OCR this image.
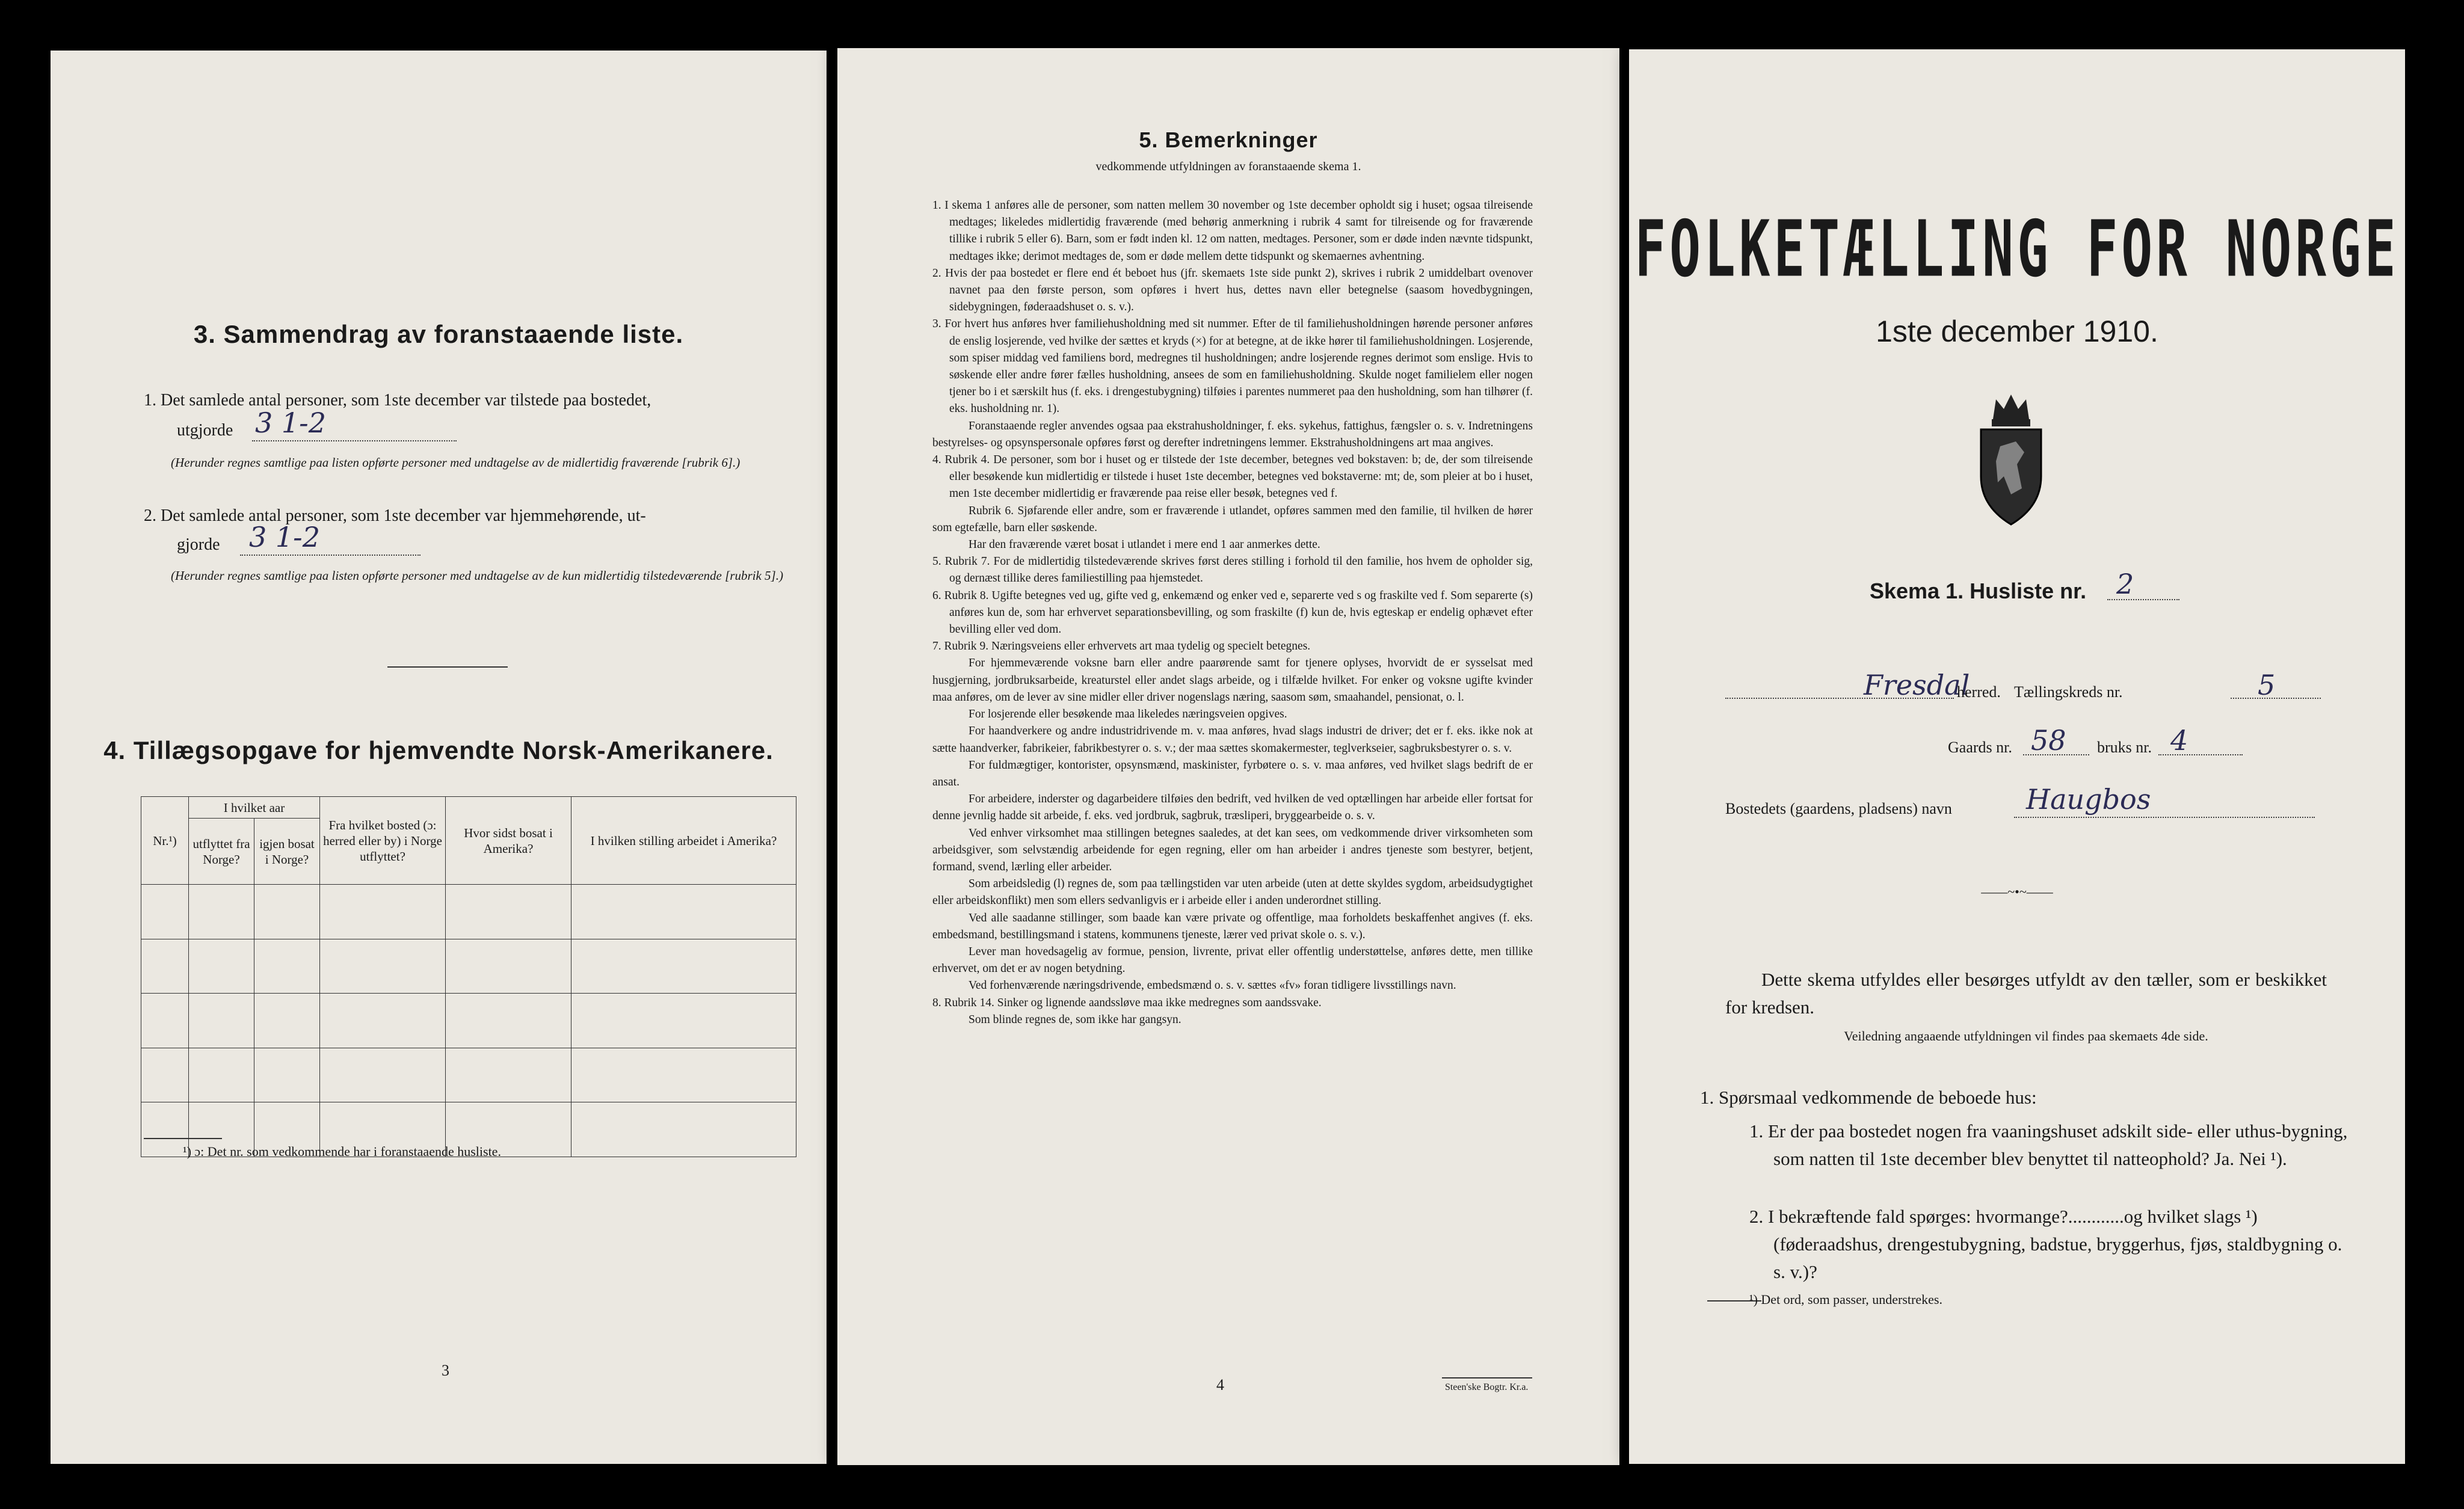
3. Sammendrag av foranstaaende liste.
1. Det samlede antal personer, som 1ste december var tilstede paa bostedet,
utgjorde 3 1-2
(Herunder regnes samtlige paa listen opførte personer med undtagelse av de midlertidig fraværende [rubrik 6].)
2. Det samlede antal personer, som 1ste december var hjemmehørende, ut-
gjorde 3 1-2
(Herunder regnes samtlige paa listen opførte personer med undtagelse av de kun midlertidig tilstedeværende [rubrik 5].)
4. Tillægsopgave for hjemvendte Norsk-Amerikanere.
Nr.¹)	I hvilket aar		Fra hvilket bosted (ɔ: herred eller by) i Norge utflyttet?	Hvor sidst bosat i Amerika?	I hvilken stilling arbeidet i Amerika?
	utflyttet fra Norge?	igjen bosat i Norge?			

¹) ɔ: Det nr. som vedkommende har i foranstaaende husliste.
3
5. Bemerkninger
vedkommende utfyldningen av foranstaaende skema 1.

1. I skema 1 anføres alle de personer, som natten mellem 30 november og 1ste december opholdt sig i huset; ogsaa tilreisende medtages; likeledes midlertidig fraværende (med behørig anmerkning i rubrik 4 samt for tilreisende og for fraværende tillike i rubrik 5 eller 6). Barn, som er født inden kl. 12 om natten, medtages. Personer, som er døde inden nævnte tidspunkt, medtages ikke; derimot medtages de, som er døde mellem dette tidspunkt og skemaernes avhentning.

2. Hvis der paa bostedet er flere end ét beboet hus (jfr. skemaets 1ste side punkt 2), skrives i rubrik 2 umiddelbart ovenover navnet paa den første person, som opføres i hvert hus, dettes navn eller betegnelse (saasom hovedbygningen, sidebygningen, føderaadshuset o. s. v.).

3. For hvert hus anføres hver familiehusholdning med sit nummer. Efter de til familiehusholdningen hørende personer anføres de enslig losjerende, ved hvilke der sættes et kryds (×) for at betegne, at de ikke hører til familiehusholdningen. Losjerende, som spiser middag ved familiens bord, medregnes til husholdningen; andre losjerende regnes derimot som enslige. Hvis to søskende eller andre fører fælles husholdning, ansees de som en familiehusholdning. Skulde noget familielem eller nogen tjener bo i et særskilt hus (f. eks. i drengestubygning) tilføies i parentes nummeret paa den husholdning, som han tilhører (f. eks. husholdning nr. 1).

Foranstaaende regler anvendes ogsaa paa ekstrahusholdninger, f. eks. sykehus, fattighus, fængsler o. s. v. Indretningens bestyrelses- og opsynspersonale opføres først og derefter indretningens lemmer. Ekstrahusholdningens art maa angives.

4. Rubrik 4. De personer, som bor i huset og er tilstede der 1ste december, betegnes ved bokstaven: b; de, der som tilreisende eller besøkende kun midlertidig er tilstede i huset 1ste december, betegnes ved bokstaverne: mt; de, som pleier at bo i huset, men 1ste december midlertidig er fraværende paa reise eller besøk, betegnes ved f.

Rubrik 6. Sjøfarende eller andre, som er fraværende i utlandet, opføres sammen med den familie, til hvilken de hører som egtefælle, barn eller søskende.

Har den fraværende været bosat i utlandet i mere end 1 aar anmerkes dette.

5. Rubrik 7. For de midlertidig tilstedeværende skrives først deres stilling i forhold til den familie, hos hvem de opholder sig, og dernæst tillike deres familiestilling paa hjemstedet.

6. Rubrik 8. Ugifte betegnes ved ug, gifte ved g, enkemænd og enker ved e, separerte ved s og fraskilte ved f. Som separerte (s) anføres kun de, som har erhvervet separationsbevilling, og som fraskilte (f) kun de, hvis egteskap er endelig ophævet efter bevilling eller ved dom.

7. Rubrik 9. Næringsveiens eller erhvervets art maa tydelig og specielt betegnes.

For hjemmeværende voksne barn eller andre paarørende samt for tjenere oplyses, hvorvidt de er sysselsat med husgjerning, jordbruksarbeide, kreaturstel eller andet slags arbeide, og i tilfælde hvilket. For enker og voksne ugifte kvinder maa anføres, om de lever av sine midler eller driver nogenslags næring, saasom søm, smaahandel, pensionat, o. l.

For losjerende eller besøkende maa likeledes næringsveien opgives.

For haandverkere og andre industridrivende m. v. maa anføres, hvad slags industri de driver; det er f. eks. ikke nok at sætte haandverker, fabrikeier, fabrikbestyrer o. s. v.; der maa sættes skomakermester, teglverkseier, sagbruksbestyrer o. s. v.

For fuldmægtiger, kontorister, opsynsmænd, maskinister, fyrbøtere o. s. v. maa anføres, ved hvilket slags bedrift de er ansat.

For arbeidere, inderster og dagarbeidere tilføies den bedrift, ved hvilken de ved optællingen har arbeide eller fortsat for denne jevnlig hadde sit arbeide, f. eks. ved jordbruk, sagbruk, træsliperi, bryggearbeide o. s. v.

Ved enhver virksomhet maa stillingen betegnes saaledes, at det kan sees, om vedkommende driver virksomheten som arbeidsgiver, som selvstændig arbeidende for egen regning, eller om han arbeider i andres tjeneste som bestyrer, betjent, formand, svend, lærling eller arbeider.

Som arbeidsledig (l) regnes de, som paa tællingstiden var uten arbeide (uten at dette skyldes sygdom, arbeidsudygtighet eller arbeidskonflikt) men som ellers sedvanligvis er i arbeide eller i anden underordnet stilling.

Ved alle saadanne stillinger, som baade kan være private og offentlige, maa forholdets beskaffenhet angives (f. eks. embedsmand, bestillingsmand i statens, kommunens tjeneste, lærer ved privat skole o. s. v.).

Lever man hovedsagelig av formue, pension, livrente, privat eller offentlig understøttelse, anføres dette, men tillike erhvervet, om det er av nogen betydning.

Ved forhenværende næringsdrivende, embedsmænd o. s. v. sættes «fv» foran tidligere livsstillings navn.

8. Rubrik 14. Sinker og lignende aandssløve maa ikke medregnes som aandssvake.

Som blinde regnes de, som ikke har gangsyn.

4	Steen'ske Bogtr. Kr.a.
FOLKETÆLLING FOR NORGE
1ste december 1910.
Skema 1. Husliste nr. 2
Fresdal
herred. Tællingskreds nr.	5
Gaards nr. 58 bruks nr. 4
Bostedets (gaardens, pladsens) navn	Haugbos
——~•~——
Dette skema utfyldes eller besørges utfyldt av den tæller, som er beskikket for kredsen.
Veiledning angaaende utfyldningen vil findes paa skemaets 4de side.
1. Spørsmaal vedkommende de beboede hus:
1. Er der paa bostedet nogen fra vaaningshuset adskilt side- eller uthus-bygning, som natten til 1ste december blev benyttet til natteophold? Ja. Nei ¹).
2. I bekræftende fald spørges: hvormange?............og hvilket slags ¹) (føderaadshus, drengestubygning, badstue, bryggerhus, fjøs, staldbygning o. s. v.)?
¹) Det ord, som passer, understrekes.
